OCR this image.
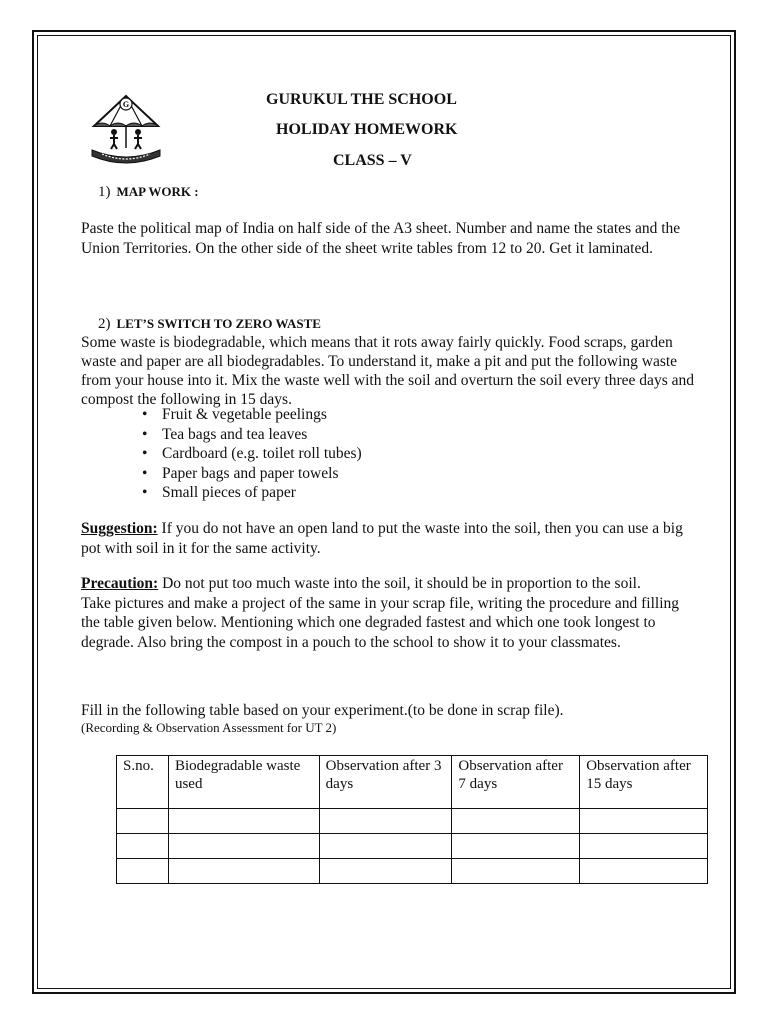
G	GURUKUL THE SCHOOL
HOLIDAY HOMEWORK
CLASS – V
1) MAP WORK :
Paste the political map of India on half side of the A3 sheet. Number and name the states and the Union Territories. On the other side of the sheet write tables from 12 to 20. Get it laminated.
2) LET’S SWITCH TO ZERO WASTE
Some waste is biodegradable, which means that it rots away fairly quickly. Food scraps, garden waste and paper are all biodegradables. To understand it, make a pit and put the following waste from your house into it. Mix the waste well with the soil and overturn the soil every three days and compost the following in 15 days.
• Fruit & vegetable peelings
• Tea bags and tea leaves
• Cardboard (e.g. toilet roll tubes)
• Paper bags and paper towels
• Small pieces of paper
Suggestion: If you do not have an open land to put the waste into the soil, then you can use a big pot with soil in it for the same activity.
Precaution: Do not put too much waste into the soil, it should be in proportion to the soil.
Take pictures and make a project of the same in your scrap file, writing the procedure and filling the table given below. Mentioning which one degraded fastest and which one took longest to degrade. Also bring the compost in a pouch to the school to show it to your classmates.
Fill in the following table based on your experiment.(to be done in scrap file).
(Recording & Observation Assessment for UT 2)
S.no.	Biodegradable waste used	Observation after 3 days	Observation after 7 days	Observation after 15 days
